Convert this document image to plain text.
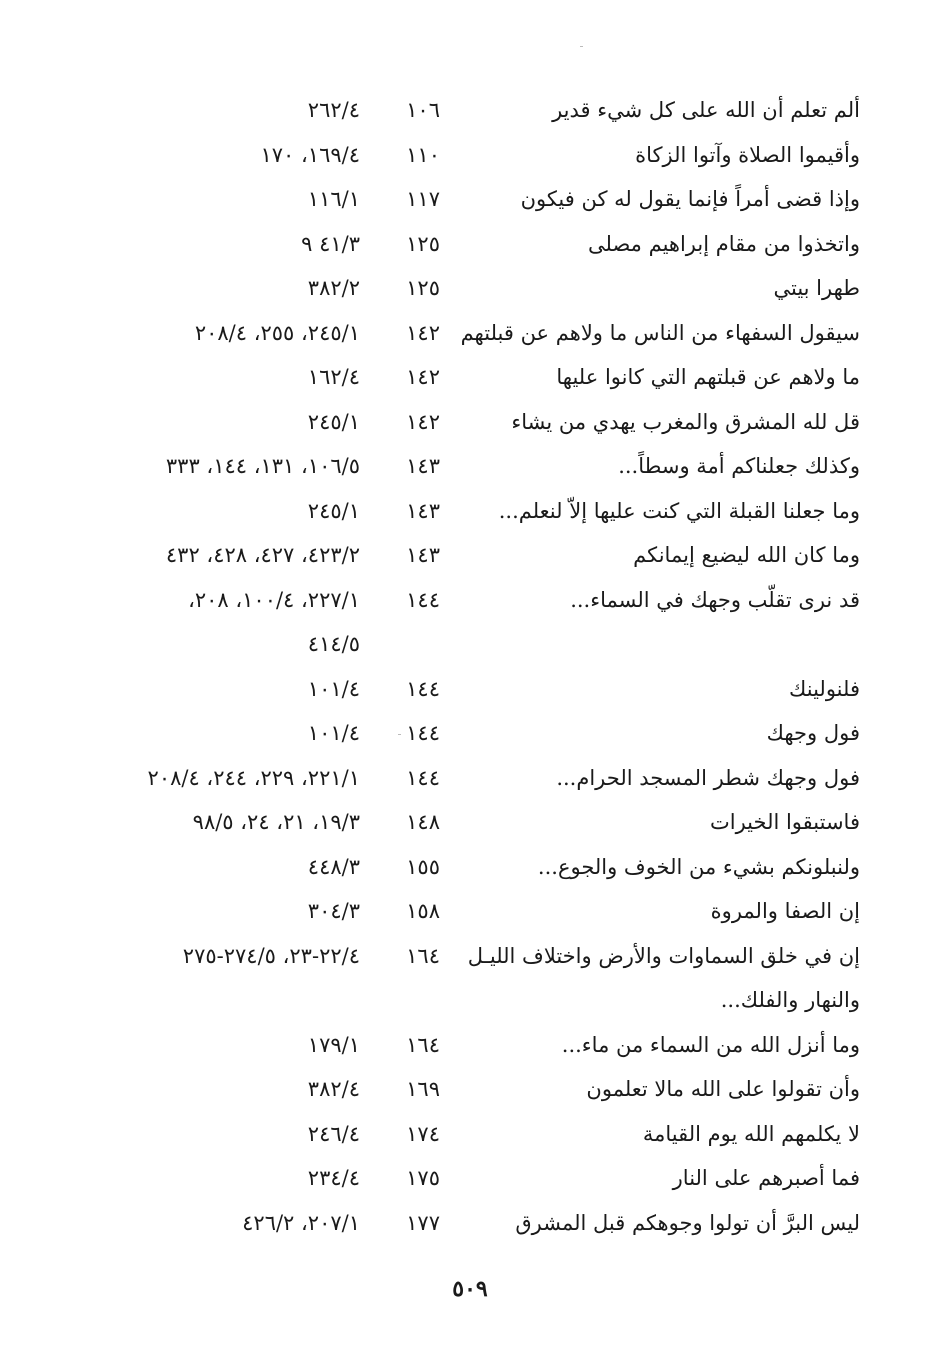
ألم تعلم أن الله على كل شيء قدير
١٠٦
٢٦٢/٤
وأقيموا الصلاة وآتوا الزكاة
١١٠
١٦٩/٤، ١٧٠
وإذا قضى أمراً فإنما يقول له كن فيكون
١١٧
١١٦/١
واتخذوا من مقام إبراهيم مصلى
١٢٥
٤١/٣ ٩
طهرا بيتي
١٢٥
٣٨٢/٢
سيقول السفهاء من الناس ما ولاهم عن قبلتهم
١٤٢
٢٤٥/١، ٢٥٥، ٢٠٨/٤
ما ولاهم عن قبلتهم التي كانوا عليها
١٤٢
١٦٢/٤
قل لله المشرق والمغرب يهدي من يشاء
١٤٢
٢٤٥/١
وكذلك جعلناكم أمة وسطاً...
١٤٣
١٠٦/٥، ١٣١، ١٤٤، ٣٣٣
وما جعلنا القبلة التي كنت عليها إلاّ لنعلم...
١٤٣
٢٤٥/١
وما كان الله ليضيع إيمانكم
١٤٣
٤٢٣/٢، ٤٢٧، ٤٢٨، ٤٣٢
قد نرى تقلّب وجهك في السماء...
١٤٤
٢٢٧/١، ١٠٠/٤، ٢٠٨،
٤١٤/٥
فلنولينك
١٤٤
١٠١/٤
فول وجهك
١٤٤
١٠١/٤
فول وجهك شطر المسجد الحرام...
١٤٤
٢٢١/١، ٢٢٩، ٢٤٤، ٢٠٨/٤
فاستبقوا الخيرات
١٤٨
١٩/٣، ٢١، ٢٤، ٩٨/٥
ولنبلونكم بشيء من الخوف والجوع...
١٥٥
٤٤٨/٣
إن الصفا والمروة
١٥٨
٣٠٤/٣
إن في خلق السماوات والأرض واختلاف الليـل
١٦٤
٢٢/٤-٢٣، ٢٧٤/٥-٢٧٥
والنهار والفلك...
وما أنزل الله من السماء من ماء...
١٦٤
١٧٩/١
وأن تقولوا على الله مالا تعلمون
١٦٩
٣٨٢/٤
لا يكلمهم الله يوم القيامة
١٧٤
٢٤٦/٤
فما أصبرهم على النار
١٧٥
٢٣٤/٤
ليس البرَّ أن تولوا وجوهكم قبل المشرق
١٧٧
٢٠٧/١، ٤٢٦/٢
٥٠٩
